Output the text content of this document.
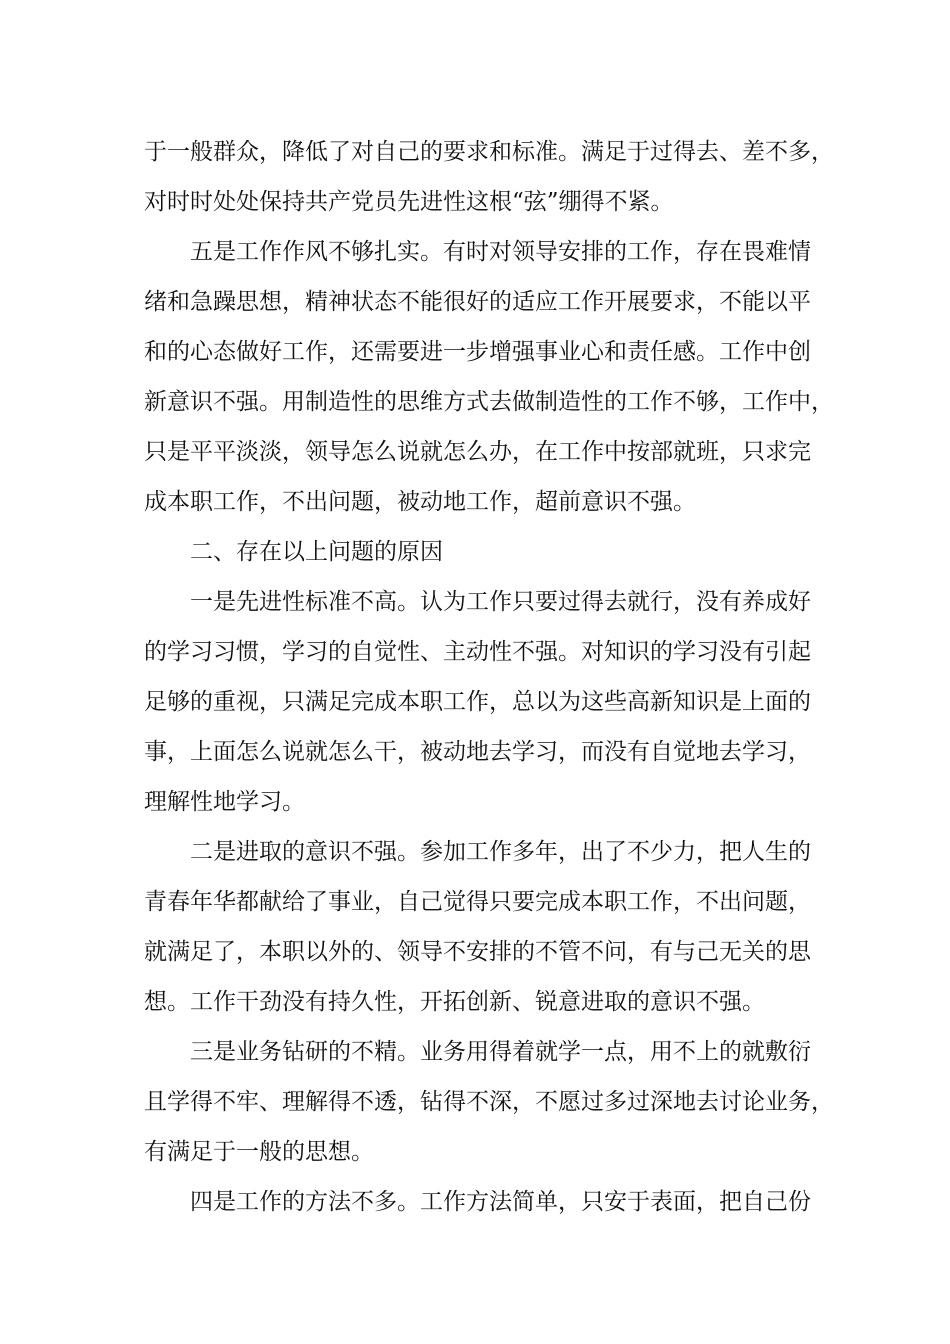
于一般群众，降低了对自己的要求和标准。满足于过得去、差不多，
对时时处处保持共产党员先进性这根“弦”绷得不紧。
五是工作作风不够扎实。有时对领导安排的工作，存在畏难情
绪和急躁思想，精神状态不能很好的适应工作开展要求，不能以平
和的心态做好工作，还需要进一步增强事业心和责任感。工作中创
新意识不强。用制造性的思维方式去做制造性的工作不够，工作中，
只是平平淡淡，领导怎么说就怎么办，在工作中按部就班，只求完
成本职工作，不出问题，被动地工作，超前意识不强。
二、存在以上问题的原因
一是先进性标准不高。认为工作只要过得去就行，没有养成好
的学习习惯，学习的自觉性、主动性不强。对知识的学习没有引起
足够的重视，只满足完成本职工作，总以为这些高新知识是上面的
事，上面怎么说就怎么干，被动地去学习，而没有自觉地去学习，
理解性地学习。
二是进取的意识不强。参加工作多年，出了不少力，把人生的
青春年华都献给了事业，自己觉得只要完成本职工作，不出问题，
就满足了，本职以外的、领导不安排的不管不问，有与己无关的思
想。工作干劲没有持久性，开拓创新、锐意进取的意识不强。
三是业务钻研的不精。业务用得着就学一点，用不上的就敷衍
且学得不牢、理解得不透，钻得不深，不愿过多过深地去讨论业务，
有满足于一般的思想。
四是工作的方法不多。工作方法简单，只安于表面，把自己份
